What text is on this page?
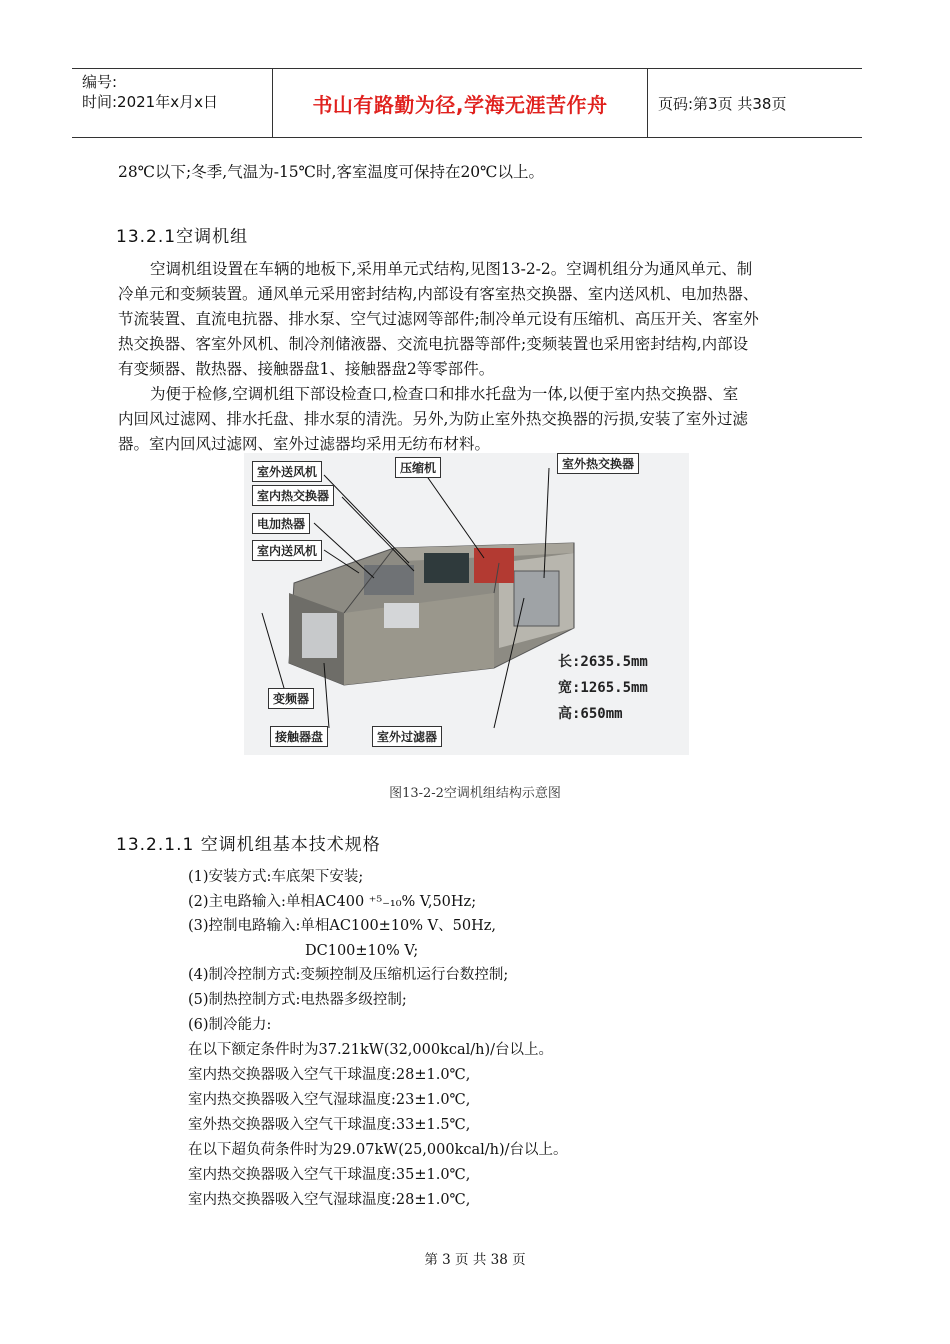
编号:
时间:2021年x月x日	书山有路勤为径,学海无涯苦作舟	页码:第3页 共38页
28℃以下;冬季,气温为-15℃时,客室温度可保持在20℃以上。
13.2.1空调机组
空调机组设置在车辆的地板下,采用单元式结构,见图13-2-2。空调机组分为通风单元、制
冷单元和变频装置。通风单元采用密封结构,内部设有客室热交换器、室内送风机、电加热器、
节流装置、直流电抗器、排水泵、空气过滤网等部件;制冷单元设有压缩机、高压开关、客室外
热交换器、客室外风机、制冷剂储液器、交流电抗器等部件;变频装置也采用密封结构,内部设
有变频器、散热器、接触器盘1、接触器盘2等零部件。
为便于检修,空调机组下部设检查口,检查口和排水托盘为一体,以便于室内热交换器、室
内回风过滤网、排水托盘、排水泵的清洗。另外,为防止室外热交换器的污损,安装了室外过滤
器。室内回风过滤网、室外过滤器均采用无纺布材料。
室外送风机	压缩机	室外热交换器
室内热交换器
电加热器
室内送风机
变频器
接触器盘	室外过滤器
长:2635.5mm
宽:1265.5mm
高:650mm
图13-2-2空调机组结构示意图
13.2.1.1 空调机组基本技术规格
(1)安装方式:车底架下安装;
(2)主电路输入:单相AC400 ⁺⁵₋₁₀% V,50Hz;
(3)控制电路输入:单相AC100±10% V、50Hz,
DC100±10% V;
(4)制冷控制方式:变频控制及压缩机运行台数控制;
(5)制热控制方式:电热器多级控制;
(6)制冷能力:
在以下额定条件时为37.21kW(32,000kcal/h)/台以上。
室内热交换器吸入空气干球温度:28±1.0℃,
室内热交换器吸入空气湿球温度:23±1.0℃,
室外热交换器吸入空气干球温度:33±1.5℃,
在以下超负荷条件时为29.07kW(25,000kcal/h)/台以上。
室内热交换器吸入空气干球温度:35±1.0℃,
室内热交换器吸入空气湿球温度:28±1.0℃,
第 3 页 共 38 页
